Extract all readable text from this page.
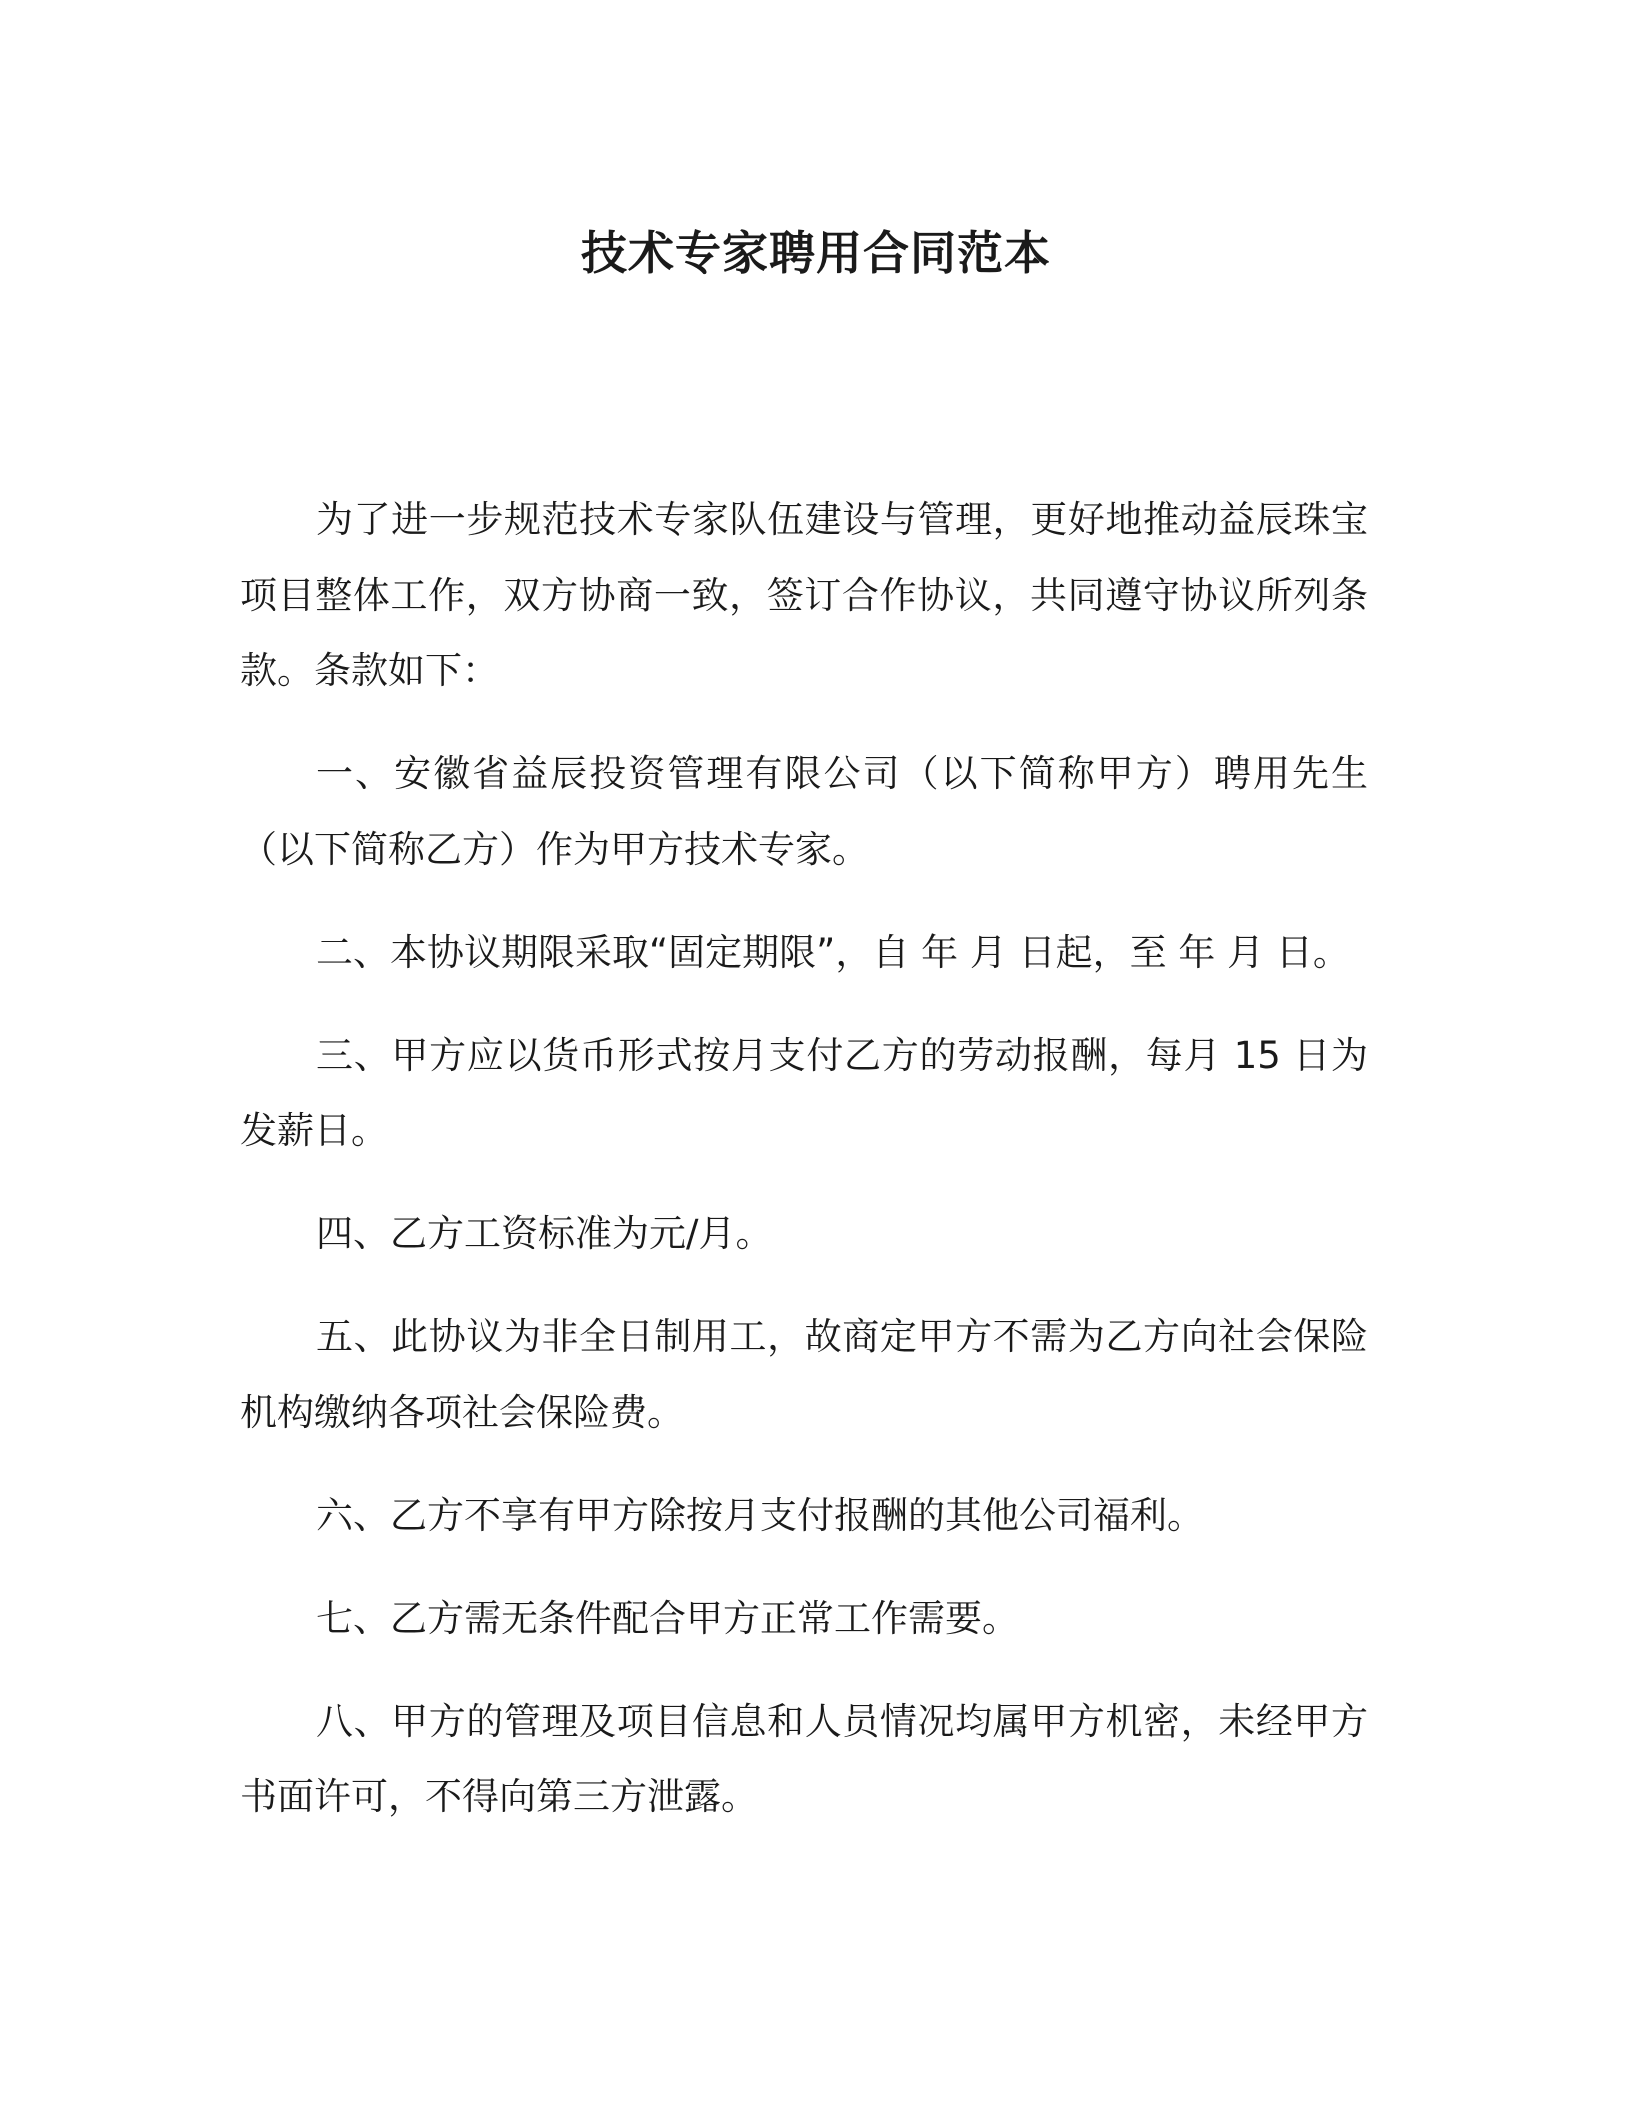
技术专家聘用合同范本

为了进一步规范技术专家队伍建设与管理，更好地推动益辰珠宝项目整体工作，双方协商一致，签订合作协议，共同遵守协议所列条款。条款如下：

一、安徽省益辰投资管理有限公司（以下简称甲方）聘用先生（以下简称乙方）作为甲方技术专家。

二、本协议期限采取“固定期限”，自 年 月 日起，至 年 月 日。

三、甲方应以货币形式按月支付乙方的劳动报酬，每月 15 日为发薪日。

四、乙方工资标准为元/月。

五、此协议为非全日制用工，故商定甲方不需为乙方向社会保险机构缴纳各项社会保险费。

六、乙方不享有甲方除按月支付报酬的其他公司福利。

七、乙方需无条件配合甲方正常工作需要。

八、甲方的管理及项目信息和人员情况均属甲方机密，未经甲方书面许可，不得向第三方泄露。
